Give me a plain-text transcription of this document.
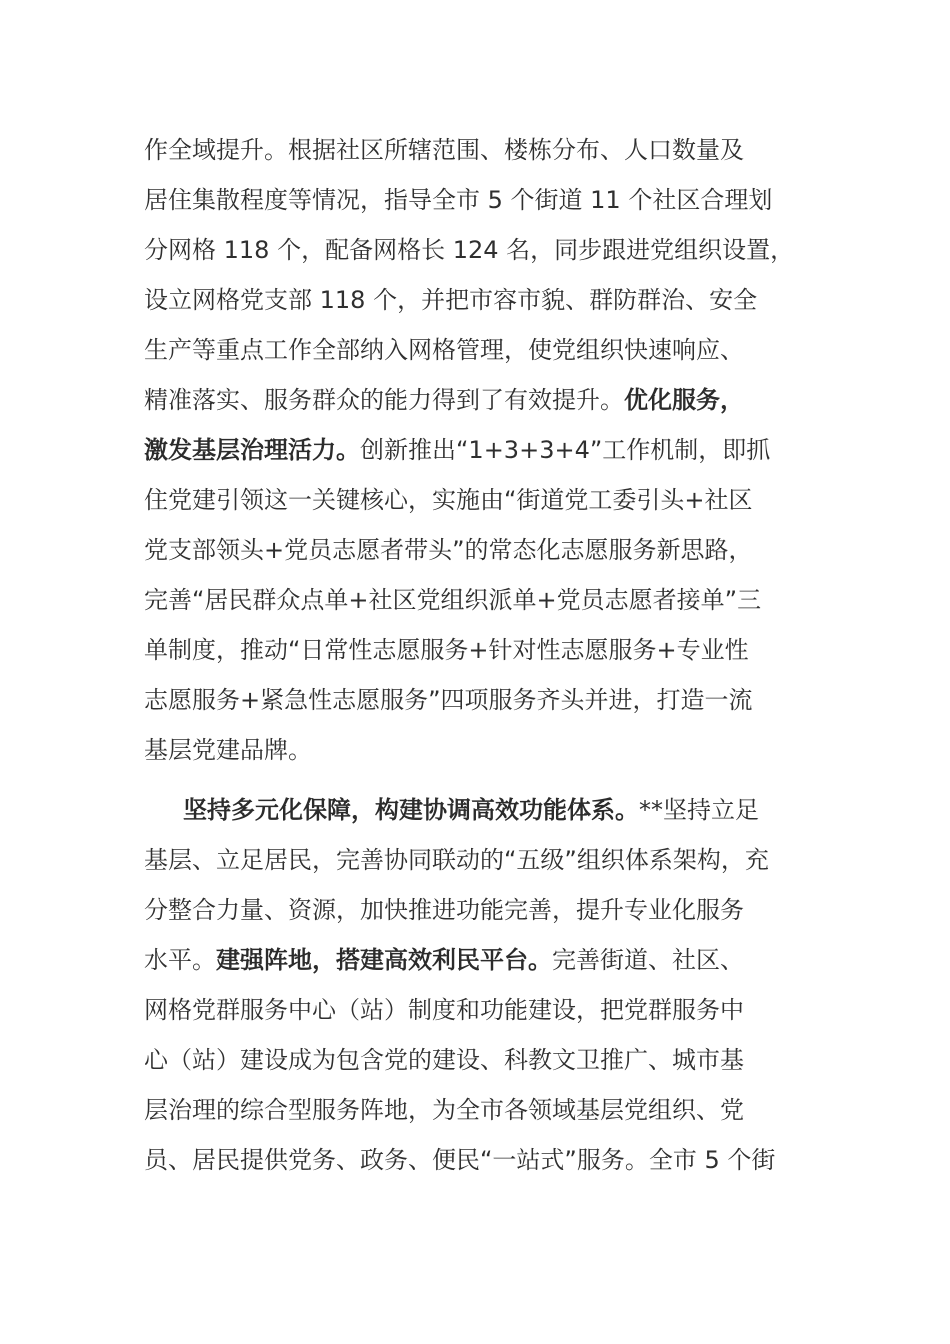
作全域提升。根据社区所辖范围、楼栋分布、人口数量及
居住集散程度等情况，指导全市 5 个街道 11 个社区合理划
分网格 118 个，配备网格长 124 名，同步跟进党组织设置，
设立网格党支部 118 个，并把市容市貌、群防群治、安全
生产等重点工作全部纳入网格管理，使党组织快速响应、
精准落实、服务群众的能力得到了有效提升。优化服务，
激发基层治理活力。创新推出“1+3+3+4”工作机制，即抓
住党建引领这一关键核心，实施由“街道党工委引头+社区
党支部领头+党员志愿者带头”的常态化志愿服务新思路，
完善“居民群众点单+社区党组织派单+党员志愿者接单”三
单制度，推动“日常性志愿服务+针对性志愿服务+专业性
志愿服务+紧急性志愿服务”四项服务齐头并进，打造一流
基层党建品牌。
坚持多元化保障，构建协调高效功能体系。**坚持立足
基层、立足居民，完善协同联动的“五级”组织体系架构，充
分整合力量、资源，加快推进功能完善，提升专业化服务
水平。建强阵地，搭建高效利民平台。完善街道、社区、
网格党群服务中心（站）制度和功能建设，把党群服务中
心（站）建设成为包含党的建设、科教文卫推广、城市基
层治理的综合型服务阵地，为全市各领域基层党组织、党
员、居民提供党务、政务、便民“一站式”服务。全市 5 个街
